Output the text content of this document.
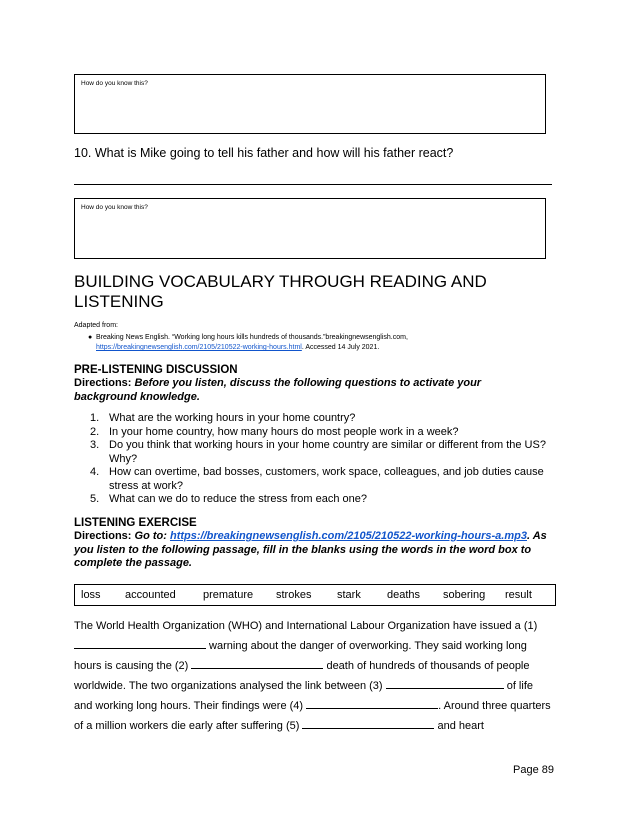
How do you know this?
10. What is Mike going to tell his father and how will his father react?
How do you know this?
BUILDING VOCABULARY THROUGH READING AND LISTENING
Adapted from:
● Breaking News English. “Working long hours kills hundreds of thousands.”breakingnewsenglish.com,
https://breakingnewsenglish.com/2105/210522-working-hours.html. Accessed 14 July 2021.
PRE-LISTENING DISCUSSION
Directions: Before you listen, discuss the following questions to activate your background knowledge.
1. What are the working hours in your home country?
2. In your home country, how many hours do most people work in a week?
3. Do you think that working hours in your home country are similar or different from the US? Why?
4. How can overtime, bad bosses, customers, work space, colleagues, and job duties cause stress at work?
5. What can we do to reduce the stress from each one?
LISTENING EXERCISE
Directions: Go to: https://breakingnewsenglish.com/2105/210522-working-hours-a.mp3. As you listen to the following passage, fill in the blanks using the words in the word box to complete the passage.
loss accounted premature strokes stark deaths sobering result
The World Health Organization (WHO) and International Labour Organization have issued a (1)  warning about the danger of overworking. They said working long hours is causing the (2)	death of hundreds of thousands of people worldwide. The two organizations analysed the link between (3)	of life and working long hours. Their findings were (4)	. Around three quarters of a million workers die early after suffering (5)	and heart
Page 89
